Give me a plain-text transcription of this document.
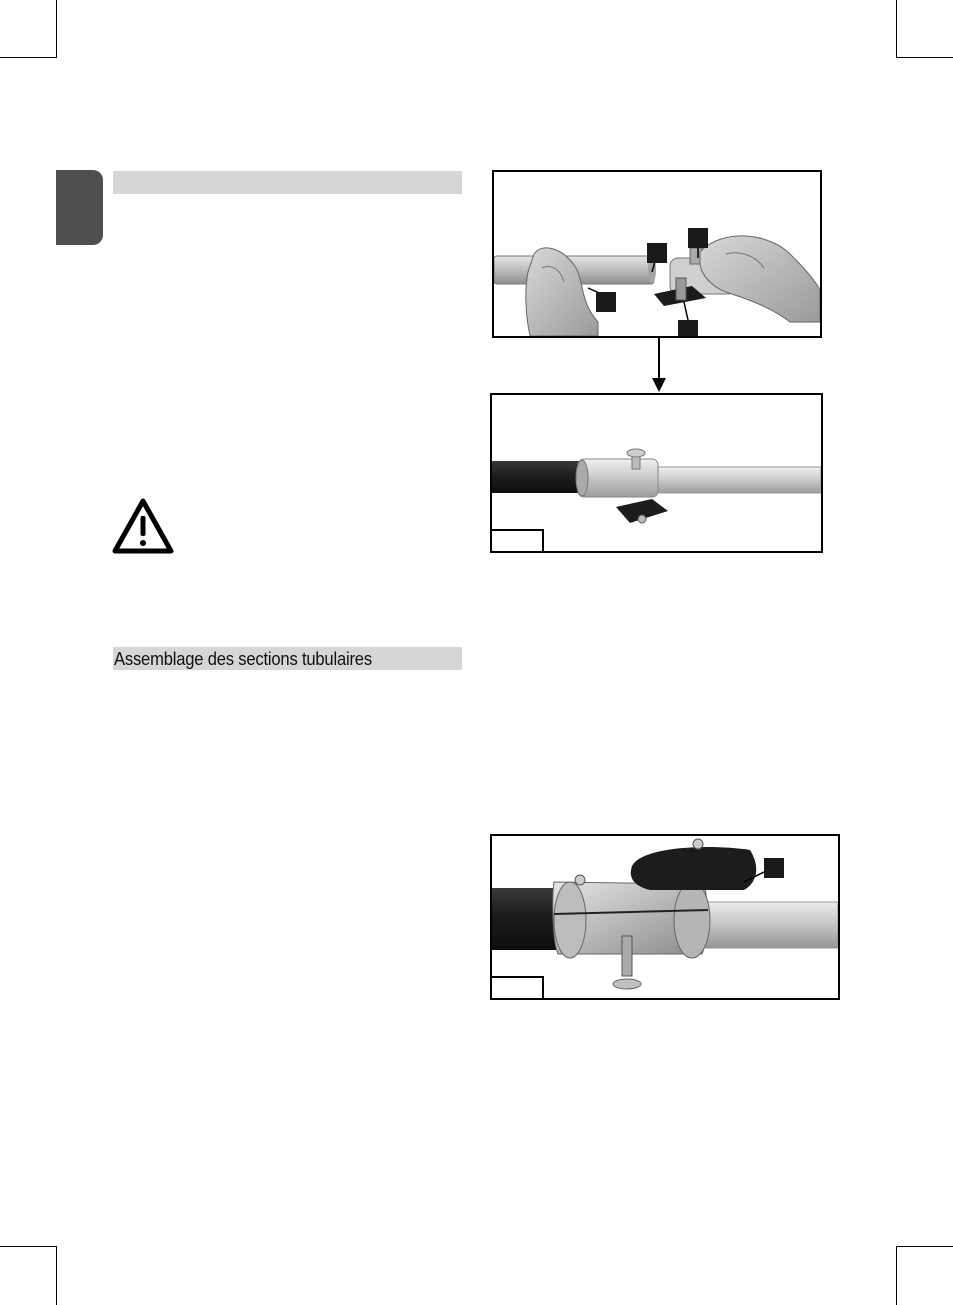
Assemblage des sections tubulaires
